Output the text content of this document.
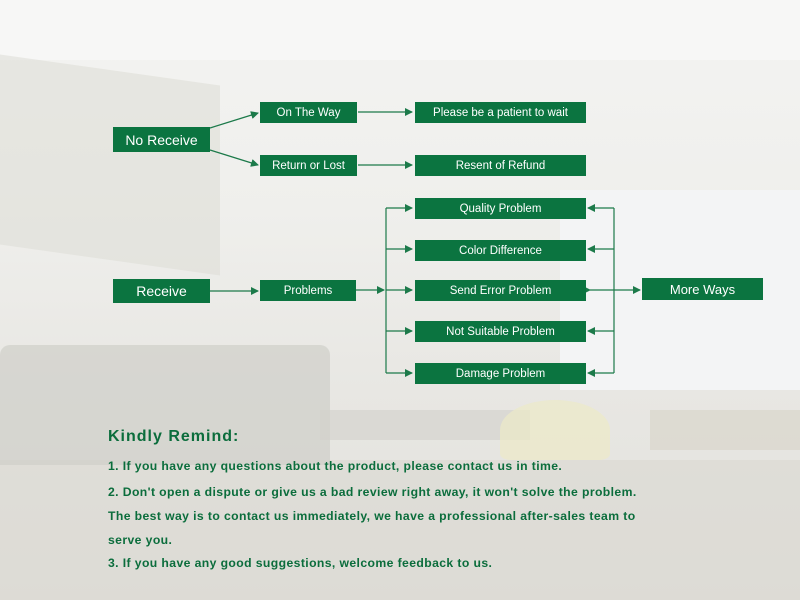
No Receive
On The Way
Return or Lost
Please be a patient to wait
Resent of Refund
Receive	Problems
Quality Problem
Color Difference
Send Error Problem
Not Suitable Problem
Damage Problem
More Ways
Kindly Remind:
1. If you have any questions about the product, please contact us in time.
2. Don't open a dispute or give us a bad review right away, it won't solve the problem.
The best way is to contact us immediately, we have a professional after-sales team to
serve you.
3. If you have any good suggestions, welcome feedback to us.
